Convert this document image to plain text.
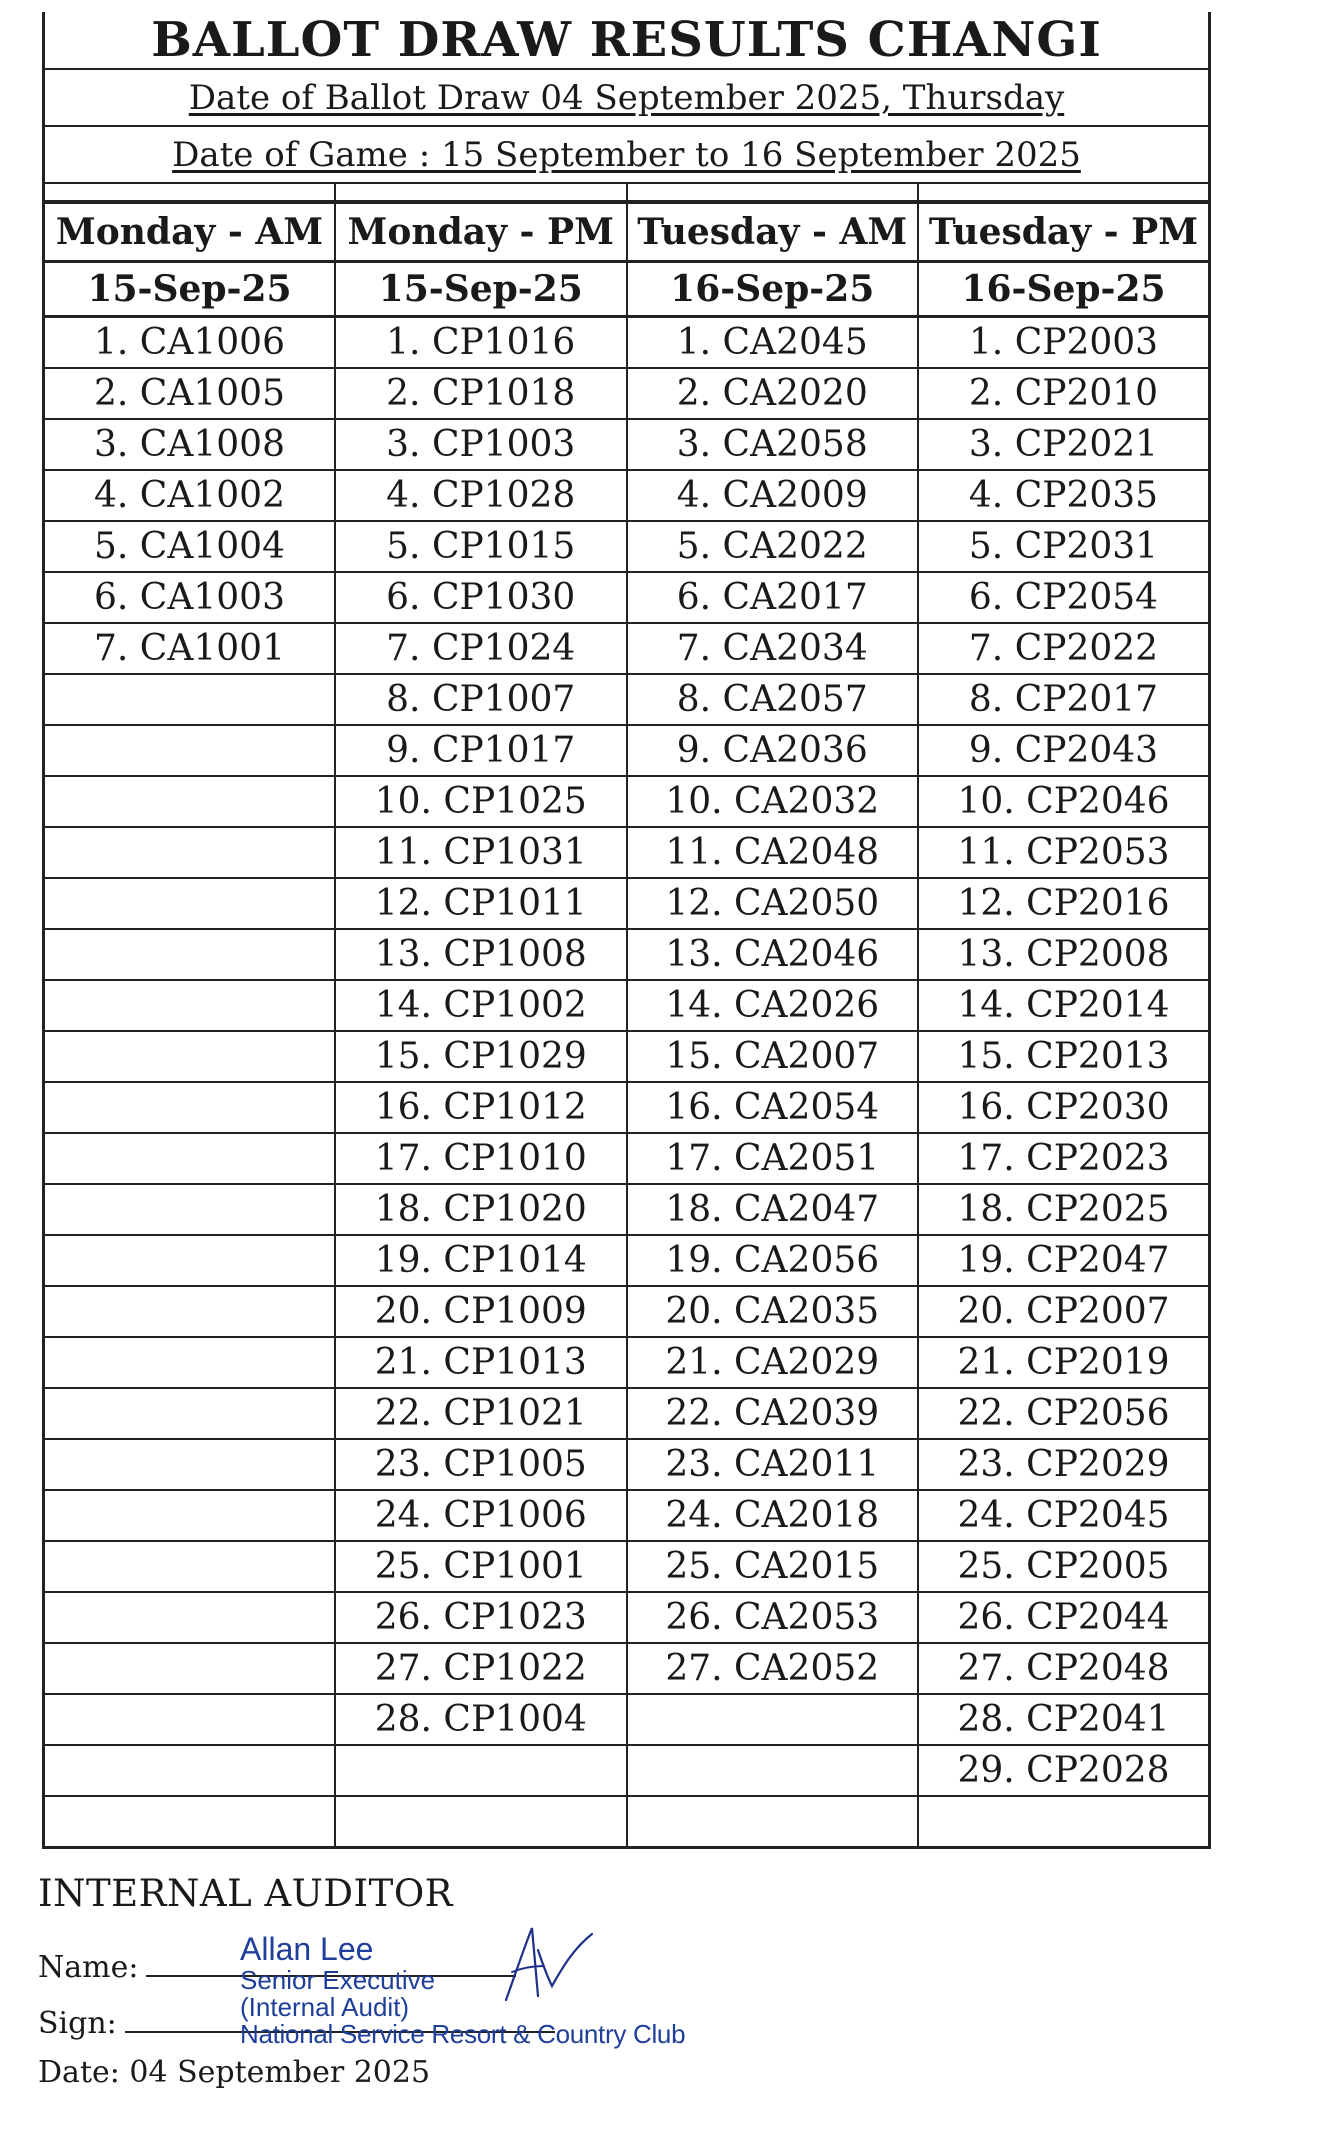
BALLOT DRAW RESULTS CHANGI
Date of Ballot Draw 04 September 2025, Thursday
Date of Game : 15 September to 16 September 2025
Monday - AM	Monday - PM	Tuesday - AM	Tuesday - PM
15-Sep-25	15-Sep-25	16-Sep-25	16-Sep-25
1. CA1006	1. CP1016	1. CA2045	1. CP2003
2. CA1005	2. CP1018	2. CA2020	2. CP2010
3. CA1008	3. CP1003	3. CA2058	3. CP2021
4. CA1002	4. CP1028	4. CA2009	4. CP2035
5. CA1004	5. CP1015	5. CA2022	5. CP2031
6. CA1003	6. CP1030	6. CA2017	6. CP2054
7. CA1001	7. CP1024	7. CA2034	7. CP2022
	8. CP1007	8. CA2057	8. CP2017
	9. CP1017	9. CA2036	9. CP2043
	10. CP1025	10. CA2032	10. CP2046
	11. CP1031	11. CA2048	11. CP2053
	12. CP1011	12. CA2050	12. CP2016
	13. CP1008	13. CA2046	13. CP2008
	14. CP1002	14. CA2026	14. CP2014
	15. CP1029	15. CA2007	15. CP2013
	16. CP1012	16. CA2054	16. CP2030
	17. CP1010	17. CA2051	17. CP2023
	18. CP1020	18. CA2047	18. CP2025
	19. CP1014	19. CA2056	19. CP2047
	20. CP1009	20. CA2035	20. CP2007
	21. CP1013	21. CA2029	21. CP2019
	22. CP1021	22. CA2039	22. CP2056
	23. CP1005	23. CA2011	23. CP2029
	24. CP1006	24. CA2018	24. CP2045
	25. CP1001	25. CA2015	25. CP2005
	26. CP1023	26. CA2053	26. CP2044
	27. CP1022	27. CA2052	27. CP2048
	28. CP1004		28. CP2041
			29. CP2028

INTERNAL AUDITOR
Name:
Sign:
Date: 04 September 2025
Allan Lee
Senior Executive
(Internal Audit)
National Service Resort & Country Club
